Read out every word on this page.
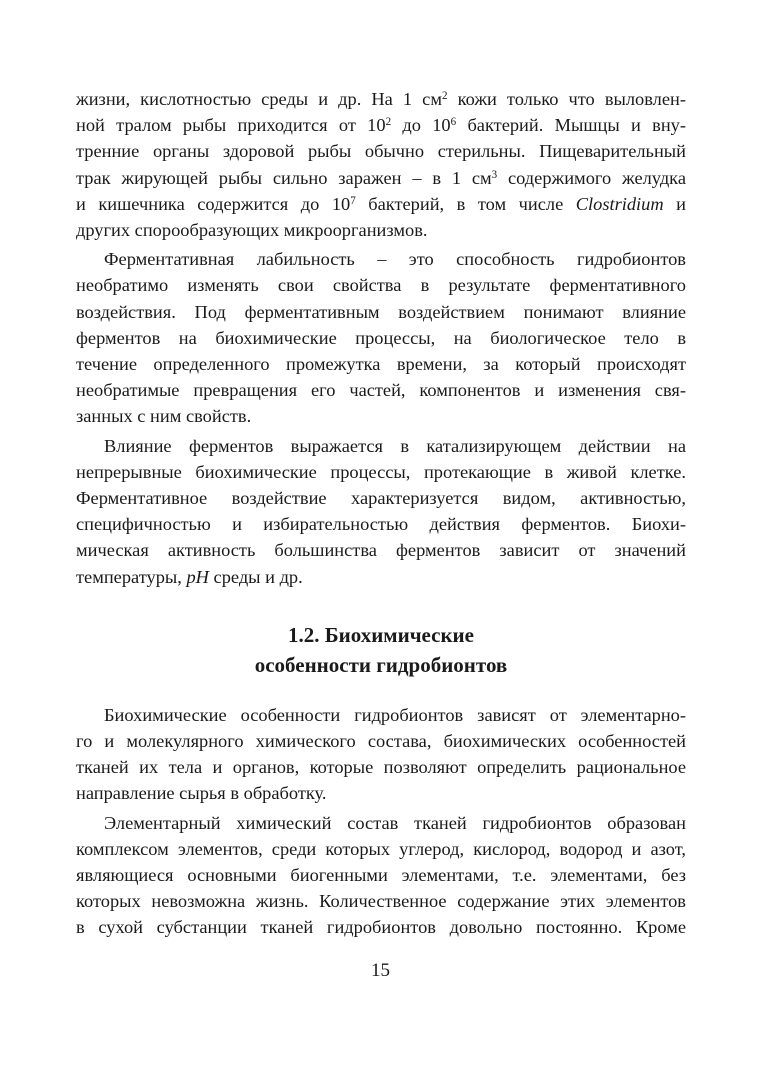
жизни, кислотностью среды и др. На 1 $см^2$ кожи только что выловлен-
ной тралом рыбы приходится от $10^2$ до $10^6$ бактерий. Мышцы и вну-
тренние органы здоровой рыбы обычно стерильны. Пищеварительный
трак жирующей рыбы сильно заражен – в 1 $см^3$ содержимого желудка
и кишечника содержится до $10^7$ бактерий, в том числе Clostridium и
других спорообразующих микроорганизмов.
Ферментативная лабильность – это способность гидробионтов
необратимо изменять свои свойства в результате ферментативного
воздействия. Под ферментативным воздействием понимают влияние
ферментов на биохимические процессы, на биологическое тело в
течение определенного промежутка времени, за который происходят
необратимые превращения его частей, компонентов и изменения свя-
занных с ним свойств.
Влияние ферментов выражается в катализирующем действии на
непрерывные биохимические процессы, протекающие в живой клетке.
Ферментативное воздействие характеризуется видом, активностью,
специфичностью и избирательностью действия ферментов. Биохи-
мическая активность большинства ферментов зависит от значений
температуры, pH среды и др.
1.2. Биохимические
особенности гидробионтов
Биохимические особенности гидробионтов зависят от элементарно-
го и молекулярного химического состава, биохимических особенностей
тканей их тела и органов, которые позволяют определить рациональное
направление сырья в обработку.
Элементарный химический состав тканей гидробионтов образован
комплексом элементов, среди которых углерод, кислород, водород и азот,
являющиеся основными биогенными элементами, т.е. элементами, без
которых невозможна жизнь. Количественное содержание этих элементов
в сухой субстанции тканей гидробионтов довольно постоянно. Кроме
15
